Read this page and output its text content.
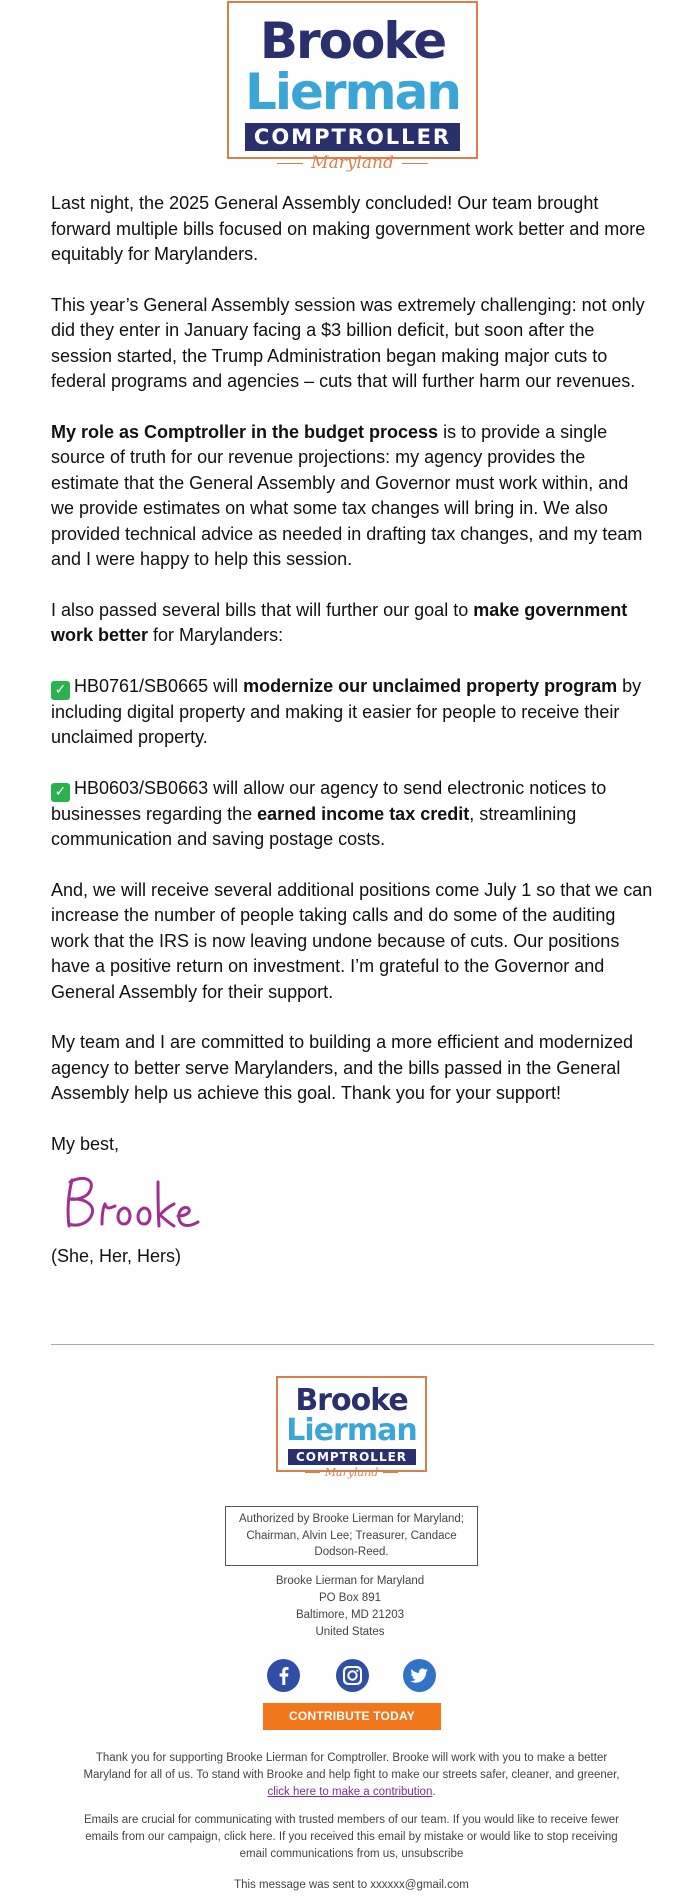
Brooke
Lierman
COMPTROLLER
Maryland

Last night, the 2025 General Assembly concluded! Our team brought forward multiple bills focused on making government work better and more equitably for Marylanders.

This year’s General Assembly session was extremely challenging: not only did they enter in January facing a $3 billion deficit, but soon after the session started, the Trump Administration began making major cuts to federal programs and agencies – cuts that will further harm our revenues.

My role as Comptroller in the budget process is to provide a single source of truth for our revenue projections: my agency provides the estimate that the General Assembly and Governor must work within, and we provide estimates on what some tax changes will bring in. We also provided technical advice as needed in drafting tax changes, and my team and I were happy to help this session.

I also passed several bills that will further our goal to make government work better for Marylanders:

✓ HB0761/SB0665 will modernize our unclaimed property program by including digital property and making it easier for people to receive their unclaimed property.

✓ HB0603/SB0663 will allow our agency to send electronic notices to businesses regarding the earned income tax credit, streamlining communication and saving postage costs.

And, we will receive several additional positions come July 1 so that we can increase the number of people taking calls and do some of the auditing work that the IRS is now leaving undone because of cuts. Our positions have a positive return on investment. I’m grateful to the Governor and General Assembly for their support.

My team and I are committed to building a more efficient and modernized agency to better serve Marylanders, and the bills passed in the General Assembly help us achieve this goal. Thank you for your support!

My best,

(She, Her, Hers)

Brooke
Lierman
COMPTROLLER
Maryland
Authorized by Brooke Lierman for Maryland; Chairman, Alvin Lee; Treasurer, Candace Dodson-Reed.
Brooke Lierman for Maryland
PO Box 891
Baltimore, MD 21203
United States
CONTRIBUTE TODAY

Thank you for supporting Brooke Lierman for Comptroller. Brooke will work with you to make a better Maryland for all of us. To stand with Brooke and help fight to make our streets safer, cleaner, and greener, click here to make a contribution.

Emails are crucial for communicating with trusted members of our team. If you would like to receive fewer emails from our campaign, click here. If you received this email by mistake or would like to stop receiving email communications from us, unsubscribe

This message was sent to xxxxxx@gmail.com
